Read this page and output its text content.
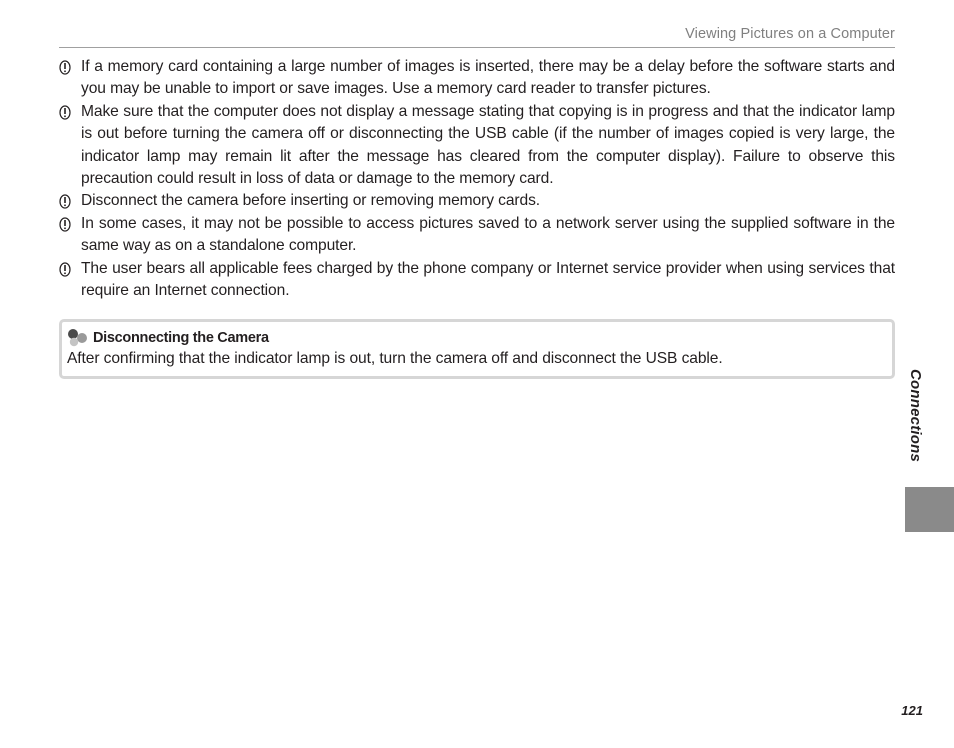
Viewing Pictures on a Computer
If a memory card containing a large number of images is inserted, there may be a delay before the software starts and you may be unable to import or save images. Use a memory card reader to transfer pictures.
Make sure that the computer does not display a message stating that copying is in progress and that the indicator lamp is out before turning the camera off or disconnecting the USB cable (if the number of images copied is very large, the indicator lamp may remain lit after the message has cleared from the computer display). Failure to observe this precaution could result in loss of data or damage to the memory card.
Disconnect the camera before inserting or removing memory cards.
In some cases, it may not be possible to access pictures saved to a network server using the supplied software in the same way as on a standalone computer.
The user bears all applicable fees charged by the phone company or Internet service provider when using services that require an Internet connection.
Disconnecting the Camera
After confirming that the indicator lamp is out, turn the camera off and disconnect the USB cable.
Connections
121
